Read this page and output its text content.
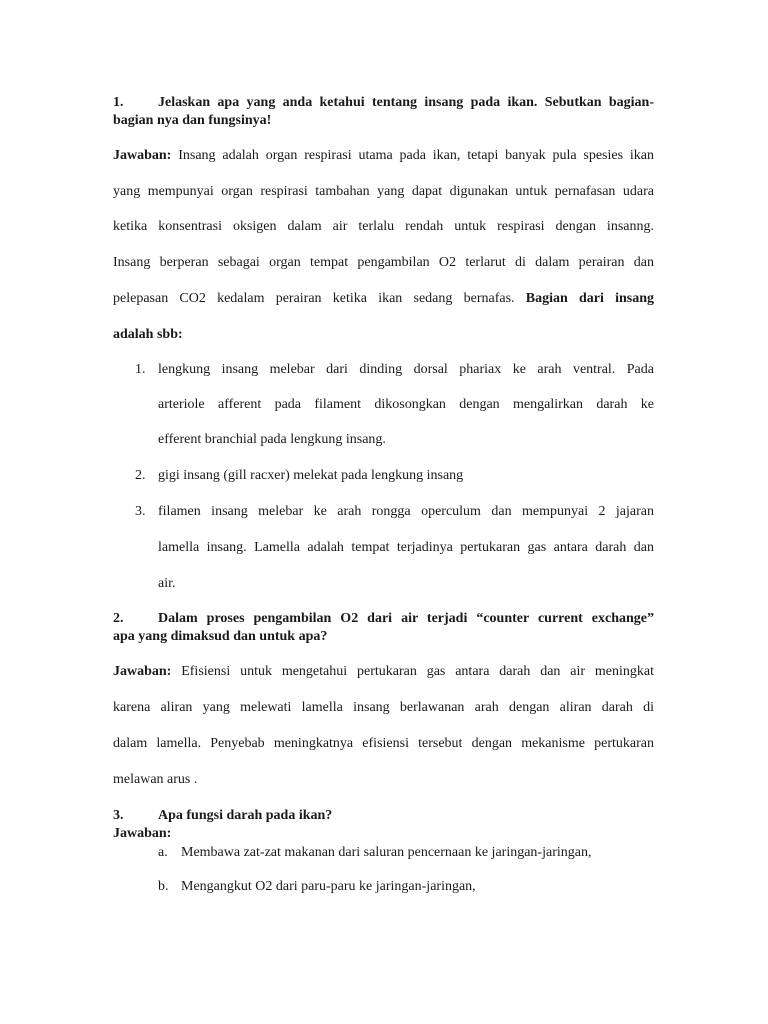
1.	Jelaskan apa yang anda ketahui tentang insang pada ikan. Sebutkan bagian-
bagian nya dan fungsinya!
Jawaban: Insang adalah organ respirasi utama pada ikan, tetapi banyak pula spesies ikan
yang mempunyai organ respirasi tambahan yang dapat digunakan untuk pernafasan udara
ketika konsentrasi oksigen dalam air terlalu rendah untuk respirasi dengan insanng.
Insang berperan sebagai organ tempat pengambilan O2 terlarut di dalam perairan dan
pelepasan CO2 kedalam perairan ketika ikan sedang bernafas. Bagian dari insang
adalah sbb:
1. lengkung insang melebar dari dinding dorsal phariax ke arah ventral. Pada
arteriole afferent pada filament dikosongkan dengan mengalirkan darah ke
efferent branchial pada lengkung insang.
2. gigi insang (gill racxer) melekat pada lengkung insang
3. filamen insang melebar ke arah rongga operculum dan mempunyai 2 jajaran
lamella insang. Lamella adalah tempat terjadinya pertukaran gas antara darah dan
air.
2.	Dalam proses pengambilan O2 dari air terjadi “counter current exchange”
apa yang dimaksud dan untuk apa?
Jawaban: Efisiensi untuk mengetahui pertukaran gas antara darah dan air meningkat
karena aliran yang melewati lamella insang berlawanan arah dengan aliran darah di
dalam lamella. Penyebab meningkatnya efisiensi tersebut dengan mekanisme pertukaran
melawan arus .
3.	Apa fungsi darah pada ikan?
Jawaban:
a. Membawa zat-zat makanan dari saluran pencernaan ke jaringan-jaringan,
b. Mengangkut O2 dari paru-paru ke jaringan-jaringan,
